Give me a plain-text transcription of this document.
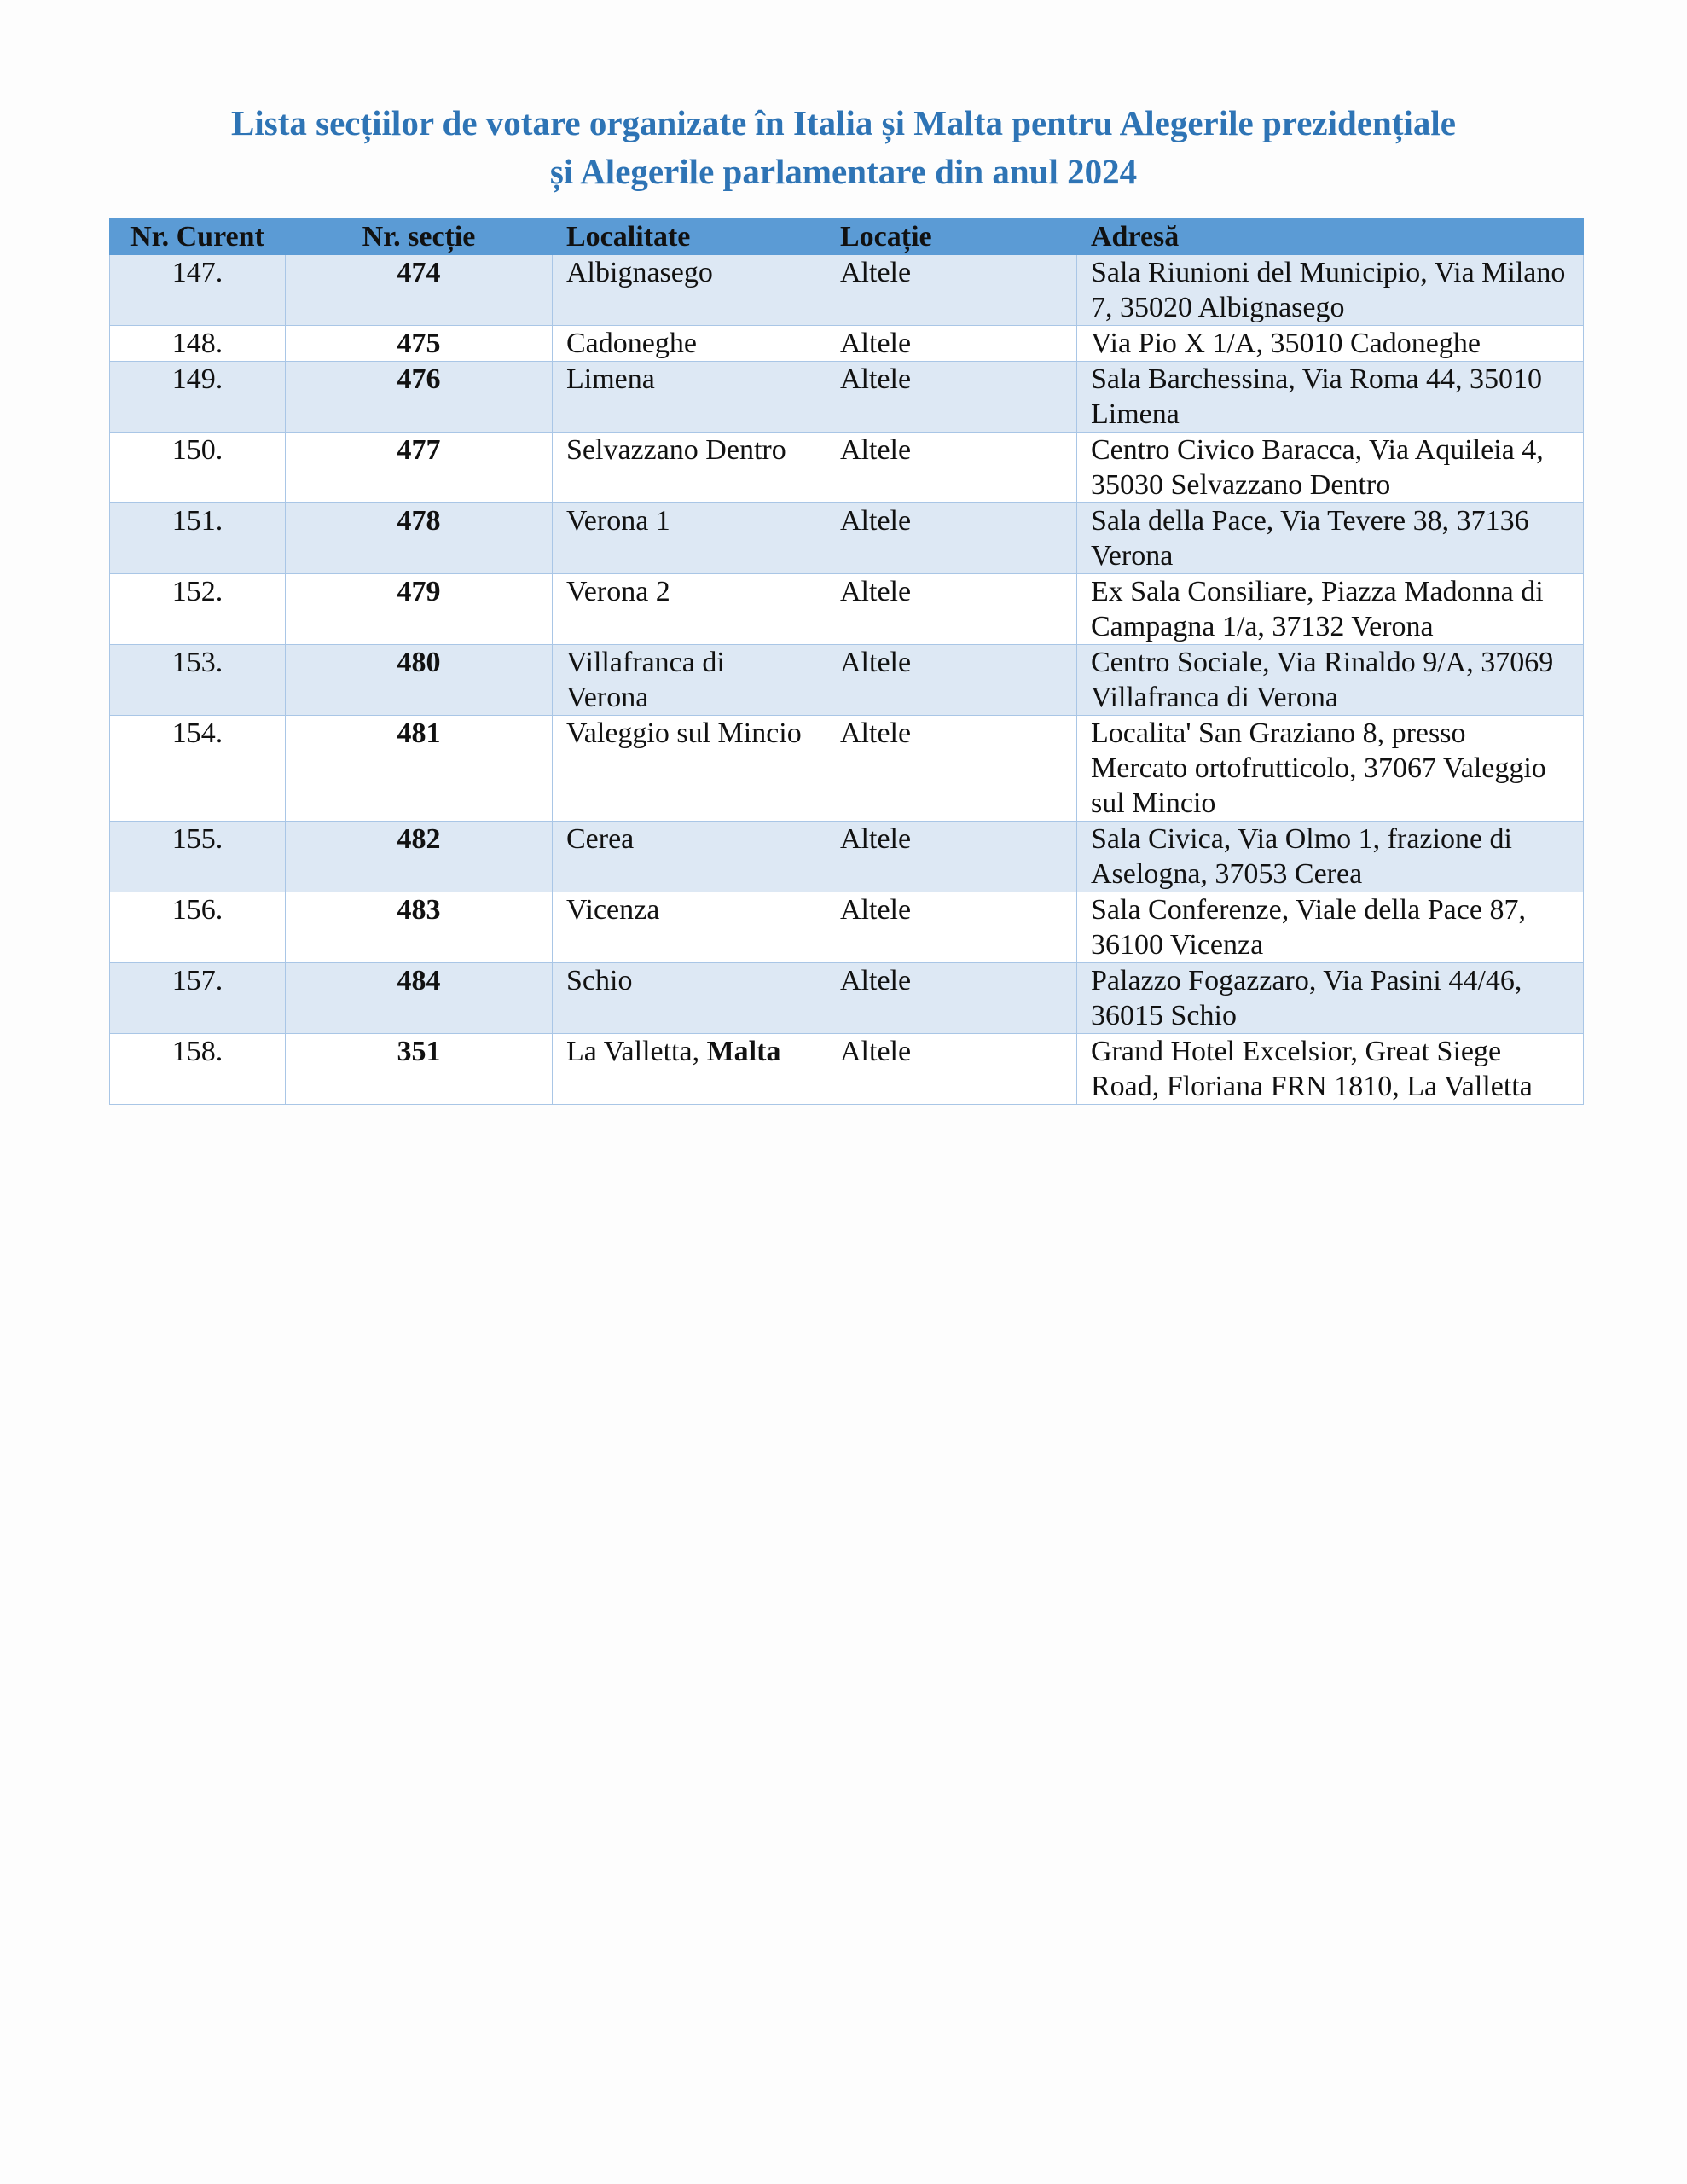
Lista secțiilor de votare organizate în Italia și Malta pentru Alegerile prezidențiale
și Alegerile parlamentare din anul 2024
Nr. Curent	Nr. secție	Localitate	Locație	Adresă
147.	474	Albignasego	Altele	Sala Riunioni del Municipio, Via Milano 7, 35020 Albignasego
148.	475	Cadoneghe	Altele	Via Pio X 1/A, 35010 Cadoneghe
149.	476	Limena	Altele	Sala Barchessina, Via Roma 44, 35010 Limena
150.	477	Selvazzano Dentro	Altele	Centro Civico Baracca, Via Aquileia 4, 35030 Selvazzano Dentro
151.	478	Verona 1	Altele	Sala della Pace, Via Tevere 38, 37136 Verona
152.	479	Verona 2	Altele	Ex Sala Consiliare, Piazza Madonna di Campagna 1/a, 37132 Verona
153.	480	Villafranca di Verona	Altele	Centro Sociale, Via Rinaldo 9/A, 37069 Villafranca di Verona
154.	481	Valeggio sul Mincio	Altele	Localita' San Graziano 8, presso Mercato ortofrutticolo, 37067 Valeggio sul Mincio
155.	482	Cerea	Altele	Sala Civica, Via Olmo 1, frazione di Aselogna, 37053 Cerea
156.	483	Vicenza	Altele	Sala Conferenze, Viale della Pace 87, 36100 Vicenza
157.	484	Schio	Altele	Palazzo Fogazzaro, Via Pasini 44/46, 36015 Schio
158.	351	La Valletta, Malta	Altele	Grand Hotel Excelsior, Great Siege Road, Floriana FRN 1810, La Valletta
